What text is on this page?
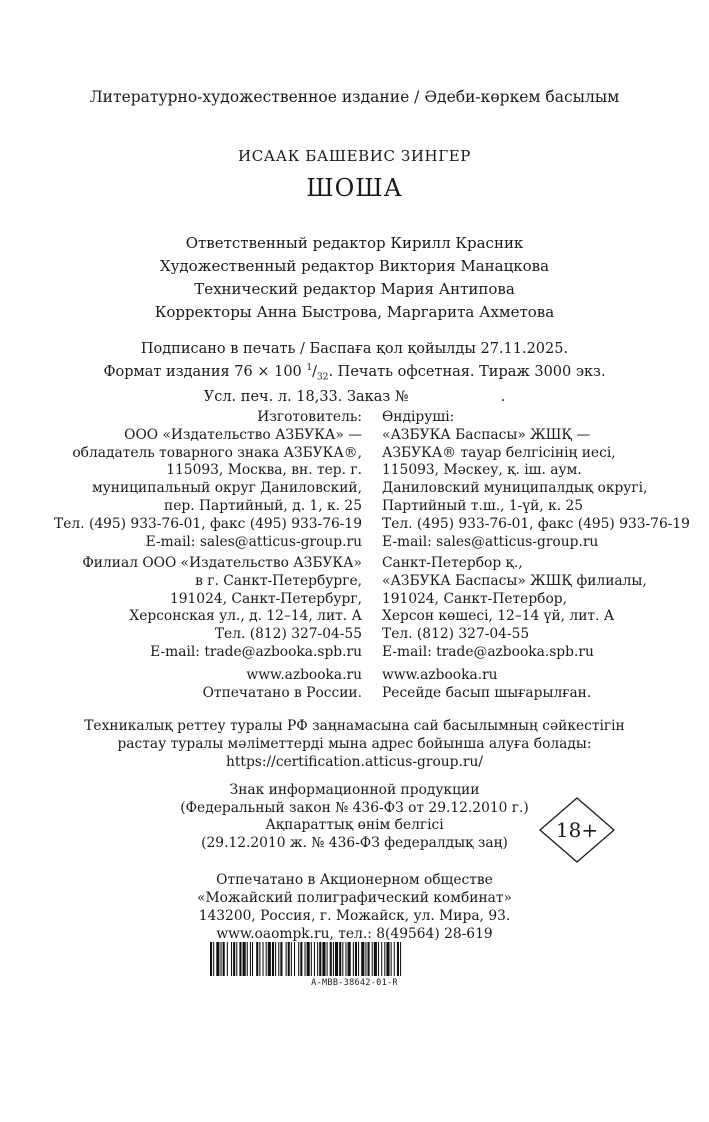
Литературно-художественное издание / Әдеби-көркем басылым
ИСААК БАШЕВИС ЗИНГЕР
ШОША
Ответственный редактор Кирилл Красник
Художественный редактор Виктория Манацкова
Технический редактор Мария Антипова
Корректоры Анна Быстрова, Маргарита Ахметова
Подписано в печать / Баспаға қол қойылды 27.11.2025.
Формат издания 76 × 100 $^1/_{32}$. Печать офсетная. Тираж 3000 экз.
Усл. печ. л. 18,33. Заказ №	.
Изготовитель:
ООО «Издательство АЗБУКА» —
обладатель товарного знака АЗБУКА®,
115093, Москва, вн. тер. г.
муниципальный округ Даниловский,
пер. Партийный, д. 1, к. 25
Тел. (495) 933-76-01, факс (495) 933-76-19
E-mail: sales@atticus-group.ru
Өндіруші:
«АЗБУКА Баспасы» ЖШҚ —
АЗБУКА® тауар белгісінің иесі,
115093, Мәскеу, қ. іш. аум.
Даниловский муниципалдық округі,
Партийный т.ш., 1-үй, к. 25
Тел. (495) 933-76-01, факс (495) 933-76-19
E-mail: sales@atticus-group.ru
Филиал ООО «Издательство АЗБУКА»
в г. Санкт-Петербурге,
191024, Санкт-Петербург,
Херсонская ул., д. 12–14, лит. А
Тел. (812) 327-04-55
E-mail: trade@azbooka.spb.ru
Санкт-Петербор қ.,
«АЗБУКА Баспасы» ЖШҚ филиалы,
191024, Санкт-Петербор,
Херсон көшесі, 12–14 үй, лит. А
Тел. (812) 327-04-55
E-mail: trade@azbooka.spb.ru
www.azbooka.ru
Отпечатано в России.
www.azbooka.ru
Ресейде басып шығарылған.
Техникалық реттеу туралы РФ заңнамасына сай басылымның сәйкестігін
растау туралы мәліметтерді мына адрес бойынша алуға болады:
https://certification.atticus-group.ru/
Знак информационной продукции
(Федеральный закон № 436-ФЗ от 29.12.2010 г.)
Ақпараттық өнім белгісі
(29.12.2010 ж. № 436-ФЗ федералдық заң)
18+
Отпечатано в Акционерном обществе
«Можайский полиграфический комбинат»
143200, Россия, г. Можайск, ул. Мира, 93.
www.oaompk.ru, тел.: 8(49564) 28-619
A-MBB-38642-01-R
